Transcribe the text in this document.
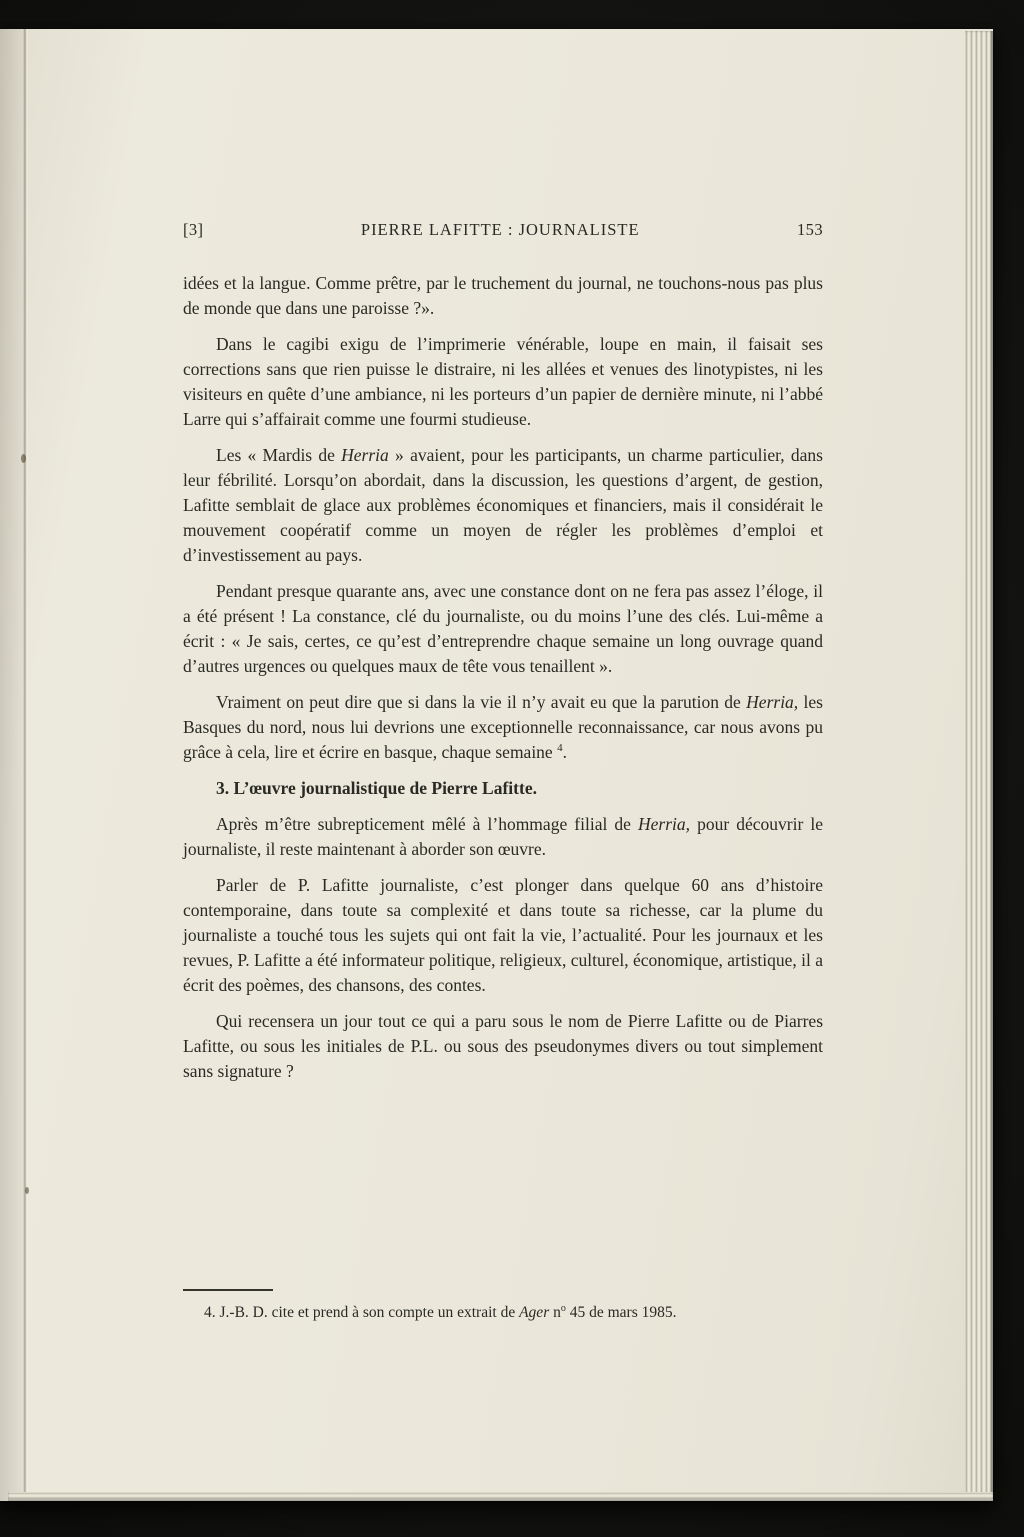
[3]	PIERRE LAFITTE : JOURNALISTE	153

idées et la langue. Comme prêtre, par le truchement du journal, ne touchons-nous pas plus de monde que dans une paroisse ?».

Dans le cagibi exigu de l’imprimerie vénérable, loupe en main, il faisait ses corrections sans que rien puisse le distraire, ni les allées et venues des linotypistes, ni les visiteurs en quête d’une ambiance, ni les porteurs d’un papier de dernière minute, ni l’abbé Larre qui s’affairait comme une fourmi studieuse.

Les « Mardis de Herria » avaient, pour les participants, un charme particulier, dans leur fébrilité. Lorsqu’on abordait, dans la discussion, les questions d’argent, de gestion, Lafitte semblait de glace aux problèmes économiques et financiers, mais il considérait le mouvement coopératif comme un moyen de régler les problèmes d’emploi et d’investissement au pays.

Pendant presque quarante ans, avec une constance dont on ne fera pas assez l’éloge, il a été présent ! La constance, clé du journaliste, ou du moins l’une des clés. Lui-même a écrit : « Je sais, certes, ce qu’est d’entreprendre chaque semaine un long ouvrage quand d’autres urgences ou quelques maux de tête vous tenaillent ».

Vraiment on peut dire que si dans la vie il n’y avait eu que la parution de Herria, les Basques du nord, nous lui devrions une exceptionnelle reconnaissance, car nous avons pu grâce à cela, lire et écrire en basque, chaque semaine $^4$.

3. L’œuvre journalistique de Pierre Lafitte.

Après m’être subrepticement mêlé à l’hommage filial de Herria, pour découvrir le journaliste, il reste maintenant à aborder son œuvre.

Parler de P. Lafitte journaliste, c’est plonger dans quelque 60 ans d’histoire contemporaine, dans toute sa complexité et dans toute sa richesse, car la plume du journaliste a touché tous les sujets qui ont fait la vie, l’actualité. Pour les journaux et les revues, P. Lafitte a été informateur politique, religieux, culturel, économique, artistique, il a écrit des poèmes, des chansons, des contes.

Qui recensera un jour tout ce qui a paru sous le nom de Pierre Lafitte ou de Piarres Lafitte, ou sous les initiales de P.L. ou sous des pseudonymes divers ou tout simplement sans signature ?

4. J.-B. D. cite et prend à son compte un extrait de Ager $n^o$ 45 de mars 1985.
